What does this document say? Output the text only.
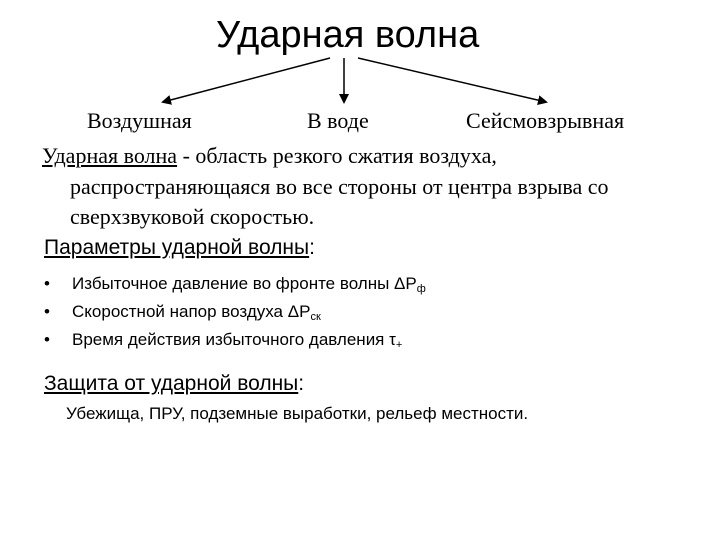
Ударная волна
Воздушная	В воде	Сейсмовзрывная
Ударная волна - область резкого сжатия воздуха,
распространяющаяся во все стороны от центра взрыва со
сверхзвуковой скоростью.
Параметры ударной волны:
• Избыточное давление во фронте волны $\Delta Р_ф$
• Скоростной напор воздуха $\Delta Р_{ск}$
• Время действия избыточного давления $\tau_+$
Защита от ударной волны:
Убежища, ПРУ, подземные выработки, рельеф местности.
